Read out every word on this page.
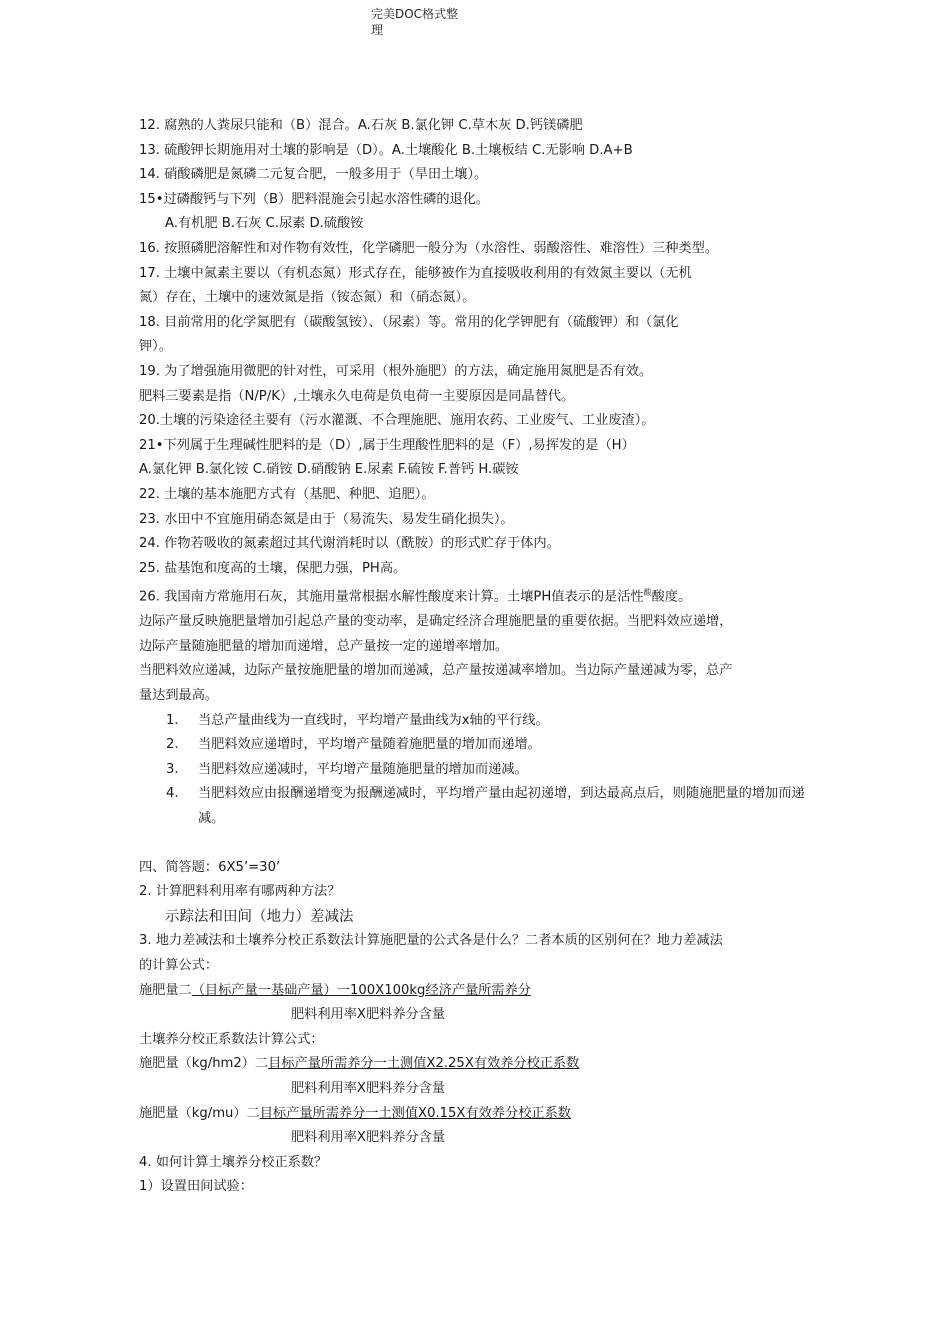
完美DOC格式整
理

12. 腐熟的人粪尿只能和（B）混合。A.石灰 B.氯化钾 C.草木灰 D.钙镁磷肥

13. 硫酸钾长期施用对土壤的影响是（D）。A.土壤酸化 B.土壤板结 C.无影响 D.A+B

14. 硝酸磷肥是氮磷二元复合肥，一般多用于（旱田土壤）。

15•过磷酸钙与下列（B）肥料混施会引起水溶性磷的退化。

A.有机肥 B.石灰 C.尿素 D.硫酸铵

16. 按照磷肥溶解性和对作物有效性，化学磷肥一般分为（水溶性、弱酸溶性、难溶性）三种类型。

17. 土壤中氮素主要以（有机态氮）形式存在，能够被作为直接吸收利用的有效氮主要以（无机

氮）存在，土壤中的速效氮是指（铵态氮）和（硝态氮）。

18. 目前常用的化学氮肥有（碳酸氢铵）、（尿素）等。常用的化学钾肥有（硫酸钾）和（氯化

钾）。

19. 为了增强施用微肥的针对性，可采用（根外施肥）的方法，确定施用氮肥是否有效。

肥料三要素是指（N/P/K）,土壤永久电荷是负电荷一主要原因是同晶替代。

20.土壤的污染途径主要有（污水灌溉、不合理施肥、施用农药、工业废气、工业废渣）。

21•下列属于生理碱性肥料的是（D）,属于生理酸性肥料的是（F）,易挥发的是（H）

A.氯化钾 B.氯化铵 C.硝铵 D.硝酸钠 E.尿素 F.硫铵 F.普钙 H.碳铵

22. 土壤的基本施肥方式有（基肥、种肥、追肥）。

23. 水田中不宜施用硝态氮是由于（易流失、易发生硝化损失）。

24. 作物若吸收的氮素超过其代谢消耗时以（酰胺）的形式贮存于体内。

25. 盐基饱和度高的土壤，保肥力强，PH高。

26. 我国南方常施用石灰，其施用量常根据水解性酸度来计算。土壤PH值表示的是活性$^酸$酸度。

边际产量反映施肥量增加引起总产量的变动率，是确定经济合理施肥量的重要依据。当肥料效应递增，

边际产量随施肥量的增加而递增，总产量按一定的递增率增加。

当肥料效应递减，边际产量按施肥量的增加而递减，总产量按递减率增加。当边际产量递减为零，总产

量达到最高。

1.	当总产量曲线为一直线时，平均增产量曲线为x轴的平行线。
2.	当肥料效应递增时，平均增产量随着施肥量的增加而递增。
3.	当肥料效应递减时，平均增产量随施肥量的增加而递减。
4.	当肥料效应由报酬递增变为报酬递减时，平均增产量由起初递增，到达最高点后，则随施肥量的增加而递减。

四、简答题：6X5’=30’

2. 计算肥料利用率有哪两种方法？

示踪法和田间（地力）差减法

3. 地力差减法和土壤养分校正系数法计算施肥量的公式各是什么？二者本质的区别何在？地力差减法

的计算公式：

施肥量二（目标产量一基础产量）一100X100kg经济产量所需养分

肥料利用率X肥料养分含量

土壤养分校正系数法计算公式：

施肥量（kg/hm2）二目标产量所需养分一土测值X2.25X有效养分校正系数

肥料利用率X肥料养分含量

施肥量（kg/mu）二目标产量所需养分一土测值X0.15X有效养分校正系数

肥料利用率X肥料养分含量

4. 如何计算土壤养分校正系数？

1）设置田间试验：
